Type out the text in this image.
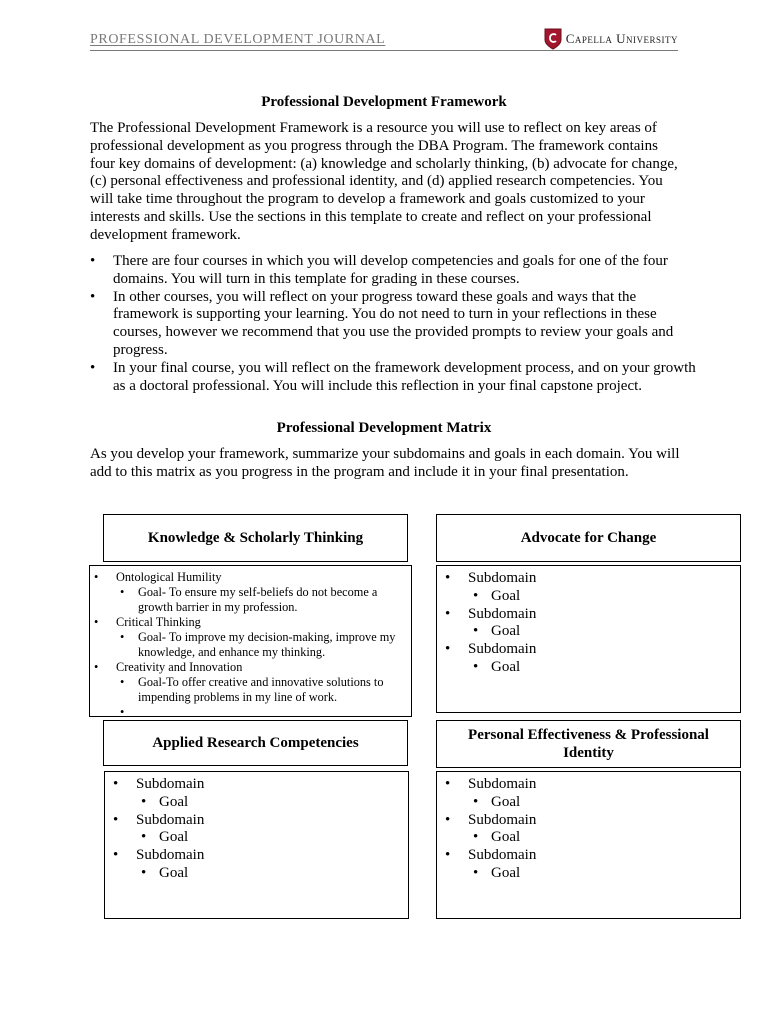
PROFESSIONAL DEVELOPMENT JOURNAL	Capella University
Professional Development Framework

The Professional Development Framework is a resource you will use to reflect on key areas of professional development as you progress through the DBA Program. The framework contains four key domains of development: (a) knowledge and scholarly thinking, (b) advocate for change, (c) personal effectiveness and professional identity, and (d) applied research competencies. You will take time throughout the program to develop a framework and goals customized to your interests and skills. Use the sections in this template to create and reflect on your professional development framework.

• There are four courses in which you will develop competencies and goals for one of the four domains. You will turn in this template for grading in these courses.
• In other courses, you will reflect on your progress toward these goals and ways that the framework is supporting your learning. You do not need to turn in your reflections in these courses, however we recommend that you use the provided prompts to review your goals and progress.
• In your final course, you will reflect on the framework development process, and on your growth as a doctoral professional. You will include this reflection in your final capstone project.
Professional Development Matrix

As you develop your framework, summarize your subdomains and goals in each domain. You will add to this matrix as you progress in the program and include it in your final presentation.

Knowledge & Scholarly Thinking
• Ontological Humility
• Goal- To ensure my self-beliefs do not become a growth barrier in my profession.
• Critical Thinking
• Goal- To improve my decision-making, improve my knowledge, and enhance my thinking.
• Creativity and Innovation
• Goal-To offer creative and innovative solutions to impending problems in my line of work.
Advocate for Change
• Subdomain
• Goal
• Subdomain
• Goal
• Subdomain
• Goal
Applied Research Competencies
• Subdomain
• Goal
• Subdomain
• Goal
• Subdomain
• Goal
Personal Effectiveness & Professional Identity
• Subdomain
• Goal
• Subdomain
• Goal
• Subdomain
• Goal
